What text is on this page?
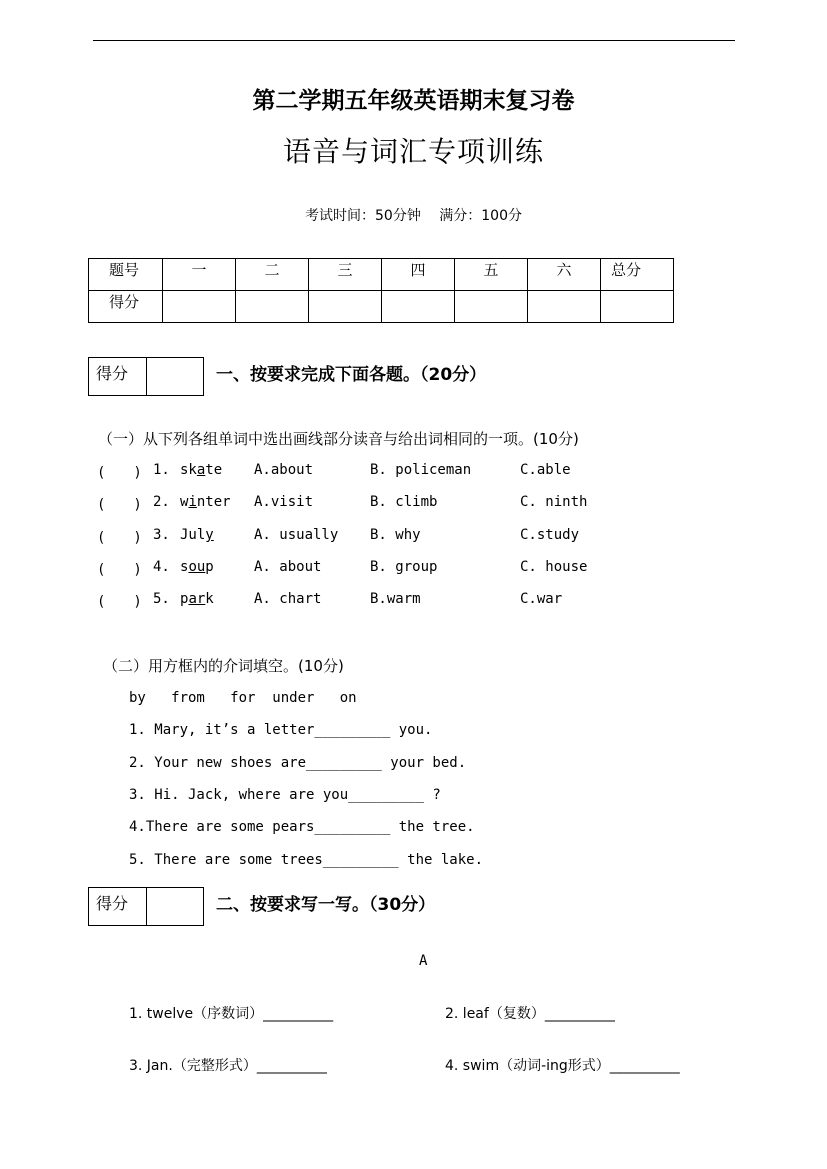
第二学期五年级英语期末复习卷
语音与词汇专项训练
考试时间：50分钟　 满分：100分
题号	一	二	三	四	五	六	总分
得分							
得分	一、按要求完成下面各题。（20分）
（一）从下列各组单词中选出画线部分读音与给出词相同的一项。(10分)
(　　) 1. skate A.about	B. policeman	C.able
(　　) 2. winter A.visit	B. climb	C. ninth
(　　) 3. July	A. usually B. why	C.study
(　　) 4. soup	A. about	B. group	C. house
(　　) 5. park	A. chart	B.warm	C.war
（二）用方框内的介词填空。(10分)
by   from   for  under   on
1. Mary, it’s a letter_________ you.
2. Your new shoes are_________ your bed.
3. Hi. Jack, where are you_________ ?
4.There are some pears_________ the tree.
5. There are some trees_________ the lake.
得分	二、按要求写一写。（30分）
A
1. twelve（序数词）__________	2. leaf（复数）__________
3. Jan.（完整形式）__________	4. swim（动词-ing形式）__________
